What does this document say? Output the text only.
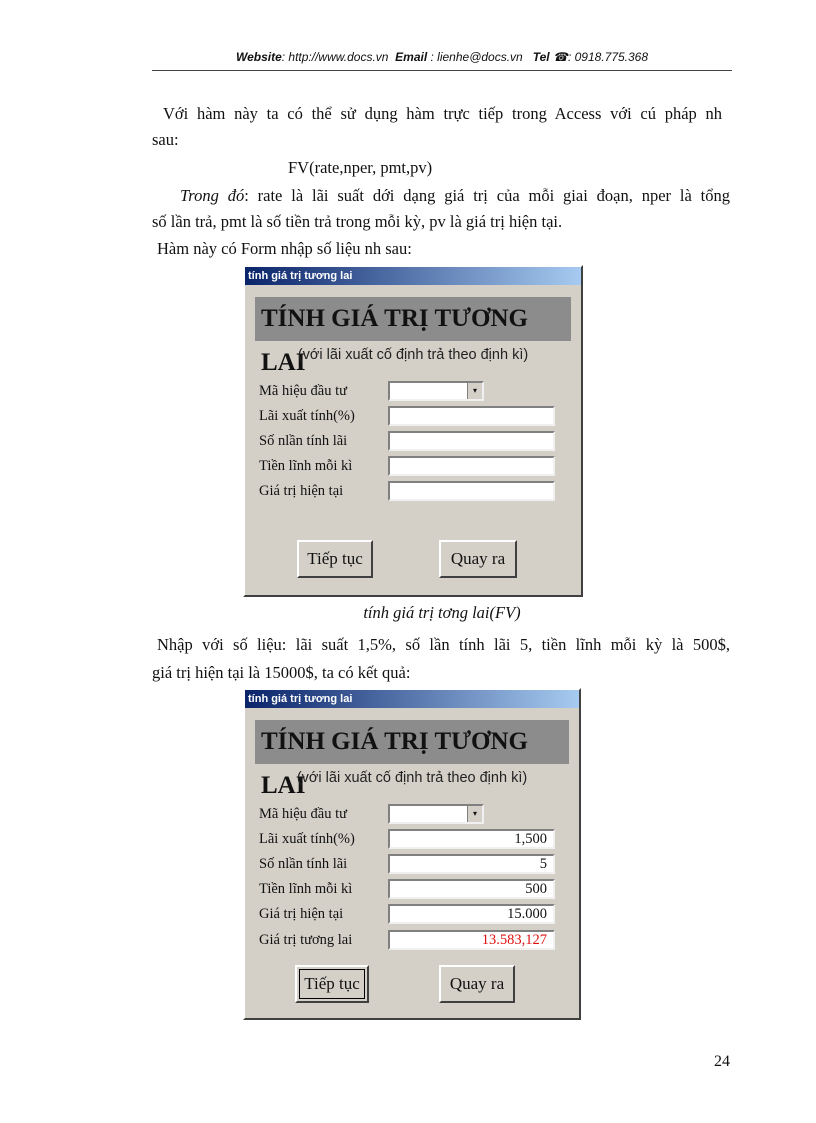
Website: http://www.docs.vn Email : lienhe@docs.vn Tel ☎: 0918.775.368

Với hàm này ta có thể sử dụng hàm trực tiếp trong Access với cú pháp nh

sau:

FV(rate,nper, pmt,pv)

Trong đó: rate là lãi suất dới dạng giá trị của mỗi giai đoạn, nper là tổng

số lần trả, pmt là số tiền trả trong mỗi kỳ, pv là giá trị hiện tại.

Hàm này có Form nhập số liệu nh sau:

tính giá trị tương lai
TÍNH GIÁ TRỊ TƯƠNG LAI
(với lãi xuất cố định trả theo định kì)
Mã hiệu đầu tư	▾
Lãi xuất tính(%)
Số nlần tính lãi
Tiền lĩnh mỗi kì
Giá trị hiện tại
Tiếp tục	Quay ra
tính giá trị tơng lai(FV)

Nhập với số liệu: lãi suất 1,5%, số lần tính lãi 5, tiền lĩnh mỗi kỳ là 500$,

giá trị hiện tại là 15000$, ta có kết quả:

tính giá trị tương lai
TÍNH GIÁ TRỊ TƯƠNG LAI
(với lãi xuất cố định trả theo định kì)
Mã hiệu đầu tư	▾
Lãi xuất tính(%)	1,500
Số nlần tính lãi	5
Tiền lĩnh mỗi kì	500
Giá trị hiện tại	15.000
Giá trị tương lai	13.583,127
Tiếp tục	Quay ra
24
